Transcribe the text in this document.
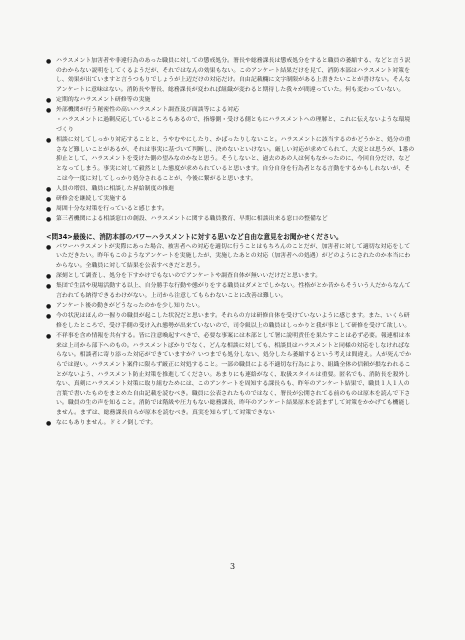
●
ハラスメント加害者や非違行為のあった職員に対しての懲戒処分。署長や総務課長は懲戒処分をすると職員の萎縮する、などと言う訳のわからない説明をしてくるようだが、それではなんの効果もない。このアンケート結果だけを見て、消防本部はハラスメント対策をし、効果が出ていますと言うつもりでしょうが上辺だけの対応だけ。自由記載欄に文字制限がある上書きたいことが書けない。そんなアンケートに意味はない。消防長や署長、総務課長が変われば組織が変わると期待した我々が間違っていた。何も変わっていない。
●
定期的なハラスメント研修等の実施
●
外部機関が行う秘密性の高いハラスメント調査及び面談等による対応
・ハラスメントに過剰反応しているところもあるので、指導側・受ける側ともにハラスメントへの理解と、これに伝えないような環境づくり
●
相談に対してしっかり対応することと、うやむやにしたり、かばったりしないこと。ハラスメントに該当するのかどうかと、処分の重さなど難しいことがあるが、それは事実に基づいて判断し、決めないといけない。厳しい対応が求めてられて、大変とは思うが、1番の抑止として、ハラスメントを受けた側の望みなのかなと思う。そうしないと、過去のあの人は何もなかったのに、今回自分だけ、などとなってしまう。事実に対して毅然とした態度が求められていると思います。自分自身を行為者となる言動をするかもしれないが、そこは今一度に対してしっかり処分されることが、今後に繋がると思います。
●
人員の増員、職員に相談した昇給制度の推進
●
研修会を継続して実施する
●
周囲十分な対策を行っていると感じます。
●
第三者機関による相談窓口の創設、ハラスメントに関する職員教育、早期に相談出来る窓口の整備など
<問34>最後に、消防本部のパワーハラスメントに対する思いなど自由な意見をお聞かせください。
●
パワーハラスメントが実際にあった場合、被害者への対応を適切に行うことはもちろんのことだが、加害者に対して適切な対応をしていただきたい。昨年もこのようなアンケートを実施したが、実施したあとの対応（加害者への処遇）がどのようにされたのか本当にわからない。全職員に対して結果を公表すべきだと思う。
●
深刻として調査し、処分を下すかけでもないのでアンケートや調査自体が無いいだけだと思います。
●
集団で生活や現場活動する以上、自分勝手な行動や態がりをする職員はダメとでしかない。性格がとか昔からそういう人だからなんて言われても納得できるわけがない。上司から注意してもらわないことに改善は難しい。
●
アンケート後の動きがどうなったのかを少し知りたい。
●
今の状況はほんの一握りの職員が起こした状況だと思います。それらの方は研修自体を受けていないように感じます。また、いくら研修をしたところで、受け手側の受け入れ態勢が出来ていないので、司令級以上の職員はしっかりと我が事として研修を受けて欲しい。
●
不祥事を含め情報を共有する。皆に注意喚起すべきで、必要な事案には本部として署に説明責任を果たすことは必ず必要。報連相は本来は上司から部下へのもの。ハラスメントばかりでなく、どんな相談に対しても、相談員はハラスメントと同様の対応をしなければならない。相談者に寄り添った対応ができていますか？いつまでも処分しない、処分したら萎縮するという考えは間違え。人が死んでからでは遅い。ハラスメント案件に限らず厳正に対処すること。一部の職員による不適切な行為により、組織全体の信頼が損なわれることがないよう、ハラスメント防止対策を推進してください。あまりにも連絡がなく、取扱スタイルは重要。匿名でも、消防長を殺外しない、真剣にハラスメント対策に取り組むためには、このアンケートを周知する課長らも、昨年のアンケート結果で、職員１人１人の言葉で書いたものをまとめた自由記載を読むべき。職員に公表されたものではなく、署長が公開されてる前のものは原本を読んで下さい。職員の生の声を知ること。消防では階級や圧力もない総務課長、昨年のアンケート結果原本を読まずして対策をかかげても機能しません。まずは、総務課長自らが原本を読むべき。真実を知らずして対策できない
●
なにもありません。ドミノ倒しです。
3
